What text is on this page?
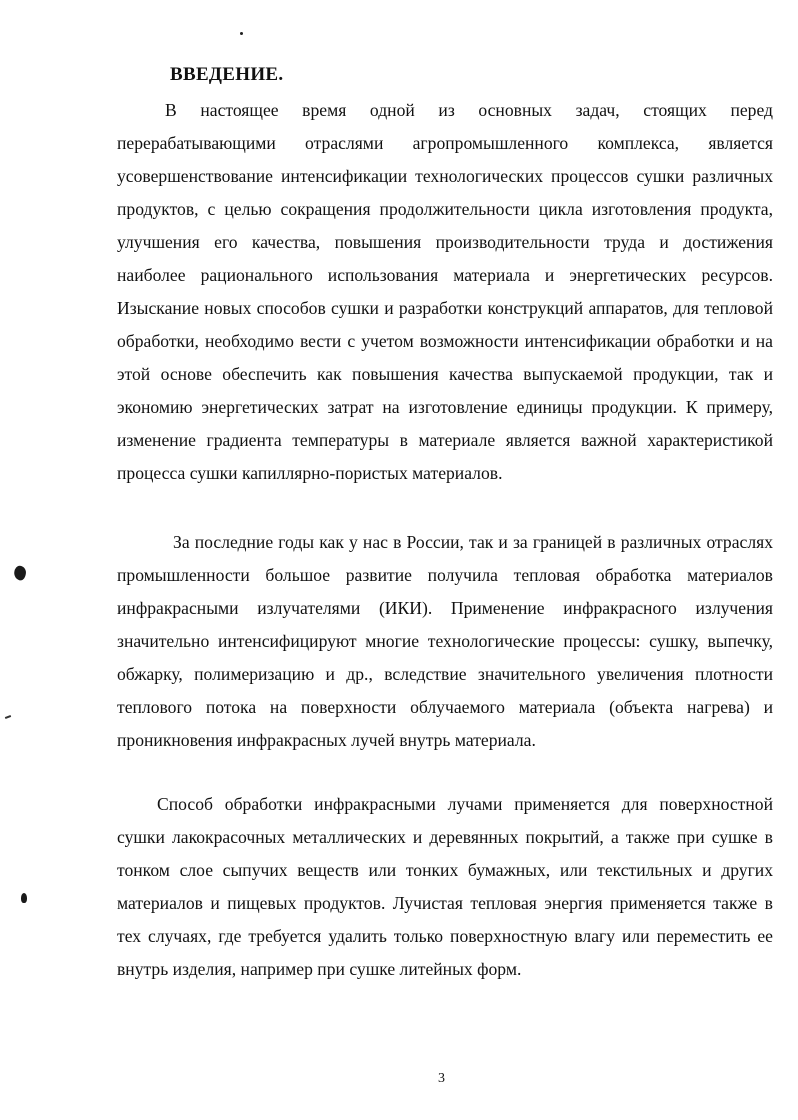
ВВЕДЕНИЕ.

В настоящее время одной из основных задач, стоящих перед перерабатывающими отраслями агропромышленного комплекса, является усовершенствование интенсификации технологических процессов сушки различных продуктов, с целью сокращения продолжительности цикла изготовления продукта, улучшения его качества, повышения производительности труда и достижения наиболее рационального использования материала и энергетических ресурсов. Изыскание новых способов сушки и разработки конструкций аппаратов, для тепловой обработки, необходимо вести с учетом возможности интенсификации обработки и на этой основе обеспечить как повышения качества выпускаемой продукции, так и экономию энергетических затрат на изготовление единицы продукции. К примеру, изменение градиента температуры в материале является важной характеристикой процесса сушки капиллярно-пористых материалов.

За последние годы как у нас в России, так и за границей в различных отраслях промышленности большое развитие получила тепловая обработка материалов инфракрасными излучателями (ИКИ). Применение инфракрасного излучения значительно интенсифицируют многие технологические процессы: сушку, выпечку, обжарку, полимеризацию и др., вследствие значительного увеличения плотности теплового потока на поверхности облучаемого материала (объекта нагрева) и проникновения инфракрасных лучей внутрь материала.

Способ обработки инфракрасными лучами применяется для поверхностной сушки лакокрасочных металлических и деревянных покрытий, а также при сушке в тонком слое сыпучих веществ или тонких бумажных, или текстильных и других материалов и пищевых продуктов. Лучистая тепловая энергия применяется также в тех случаях, где требуется удалить только поверхностную влагу или переместить ее внутрь изделия, например при сушке литейных форм.

3
